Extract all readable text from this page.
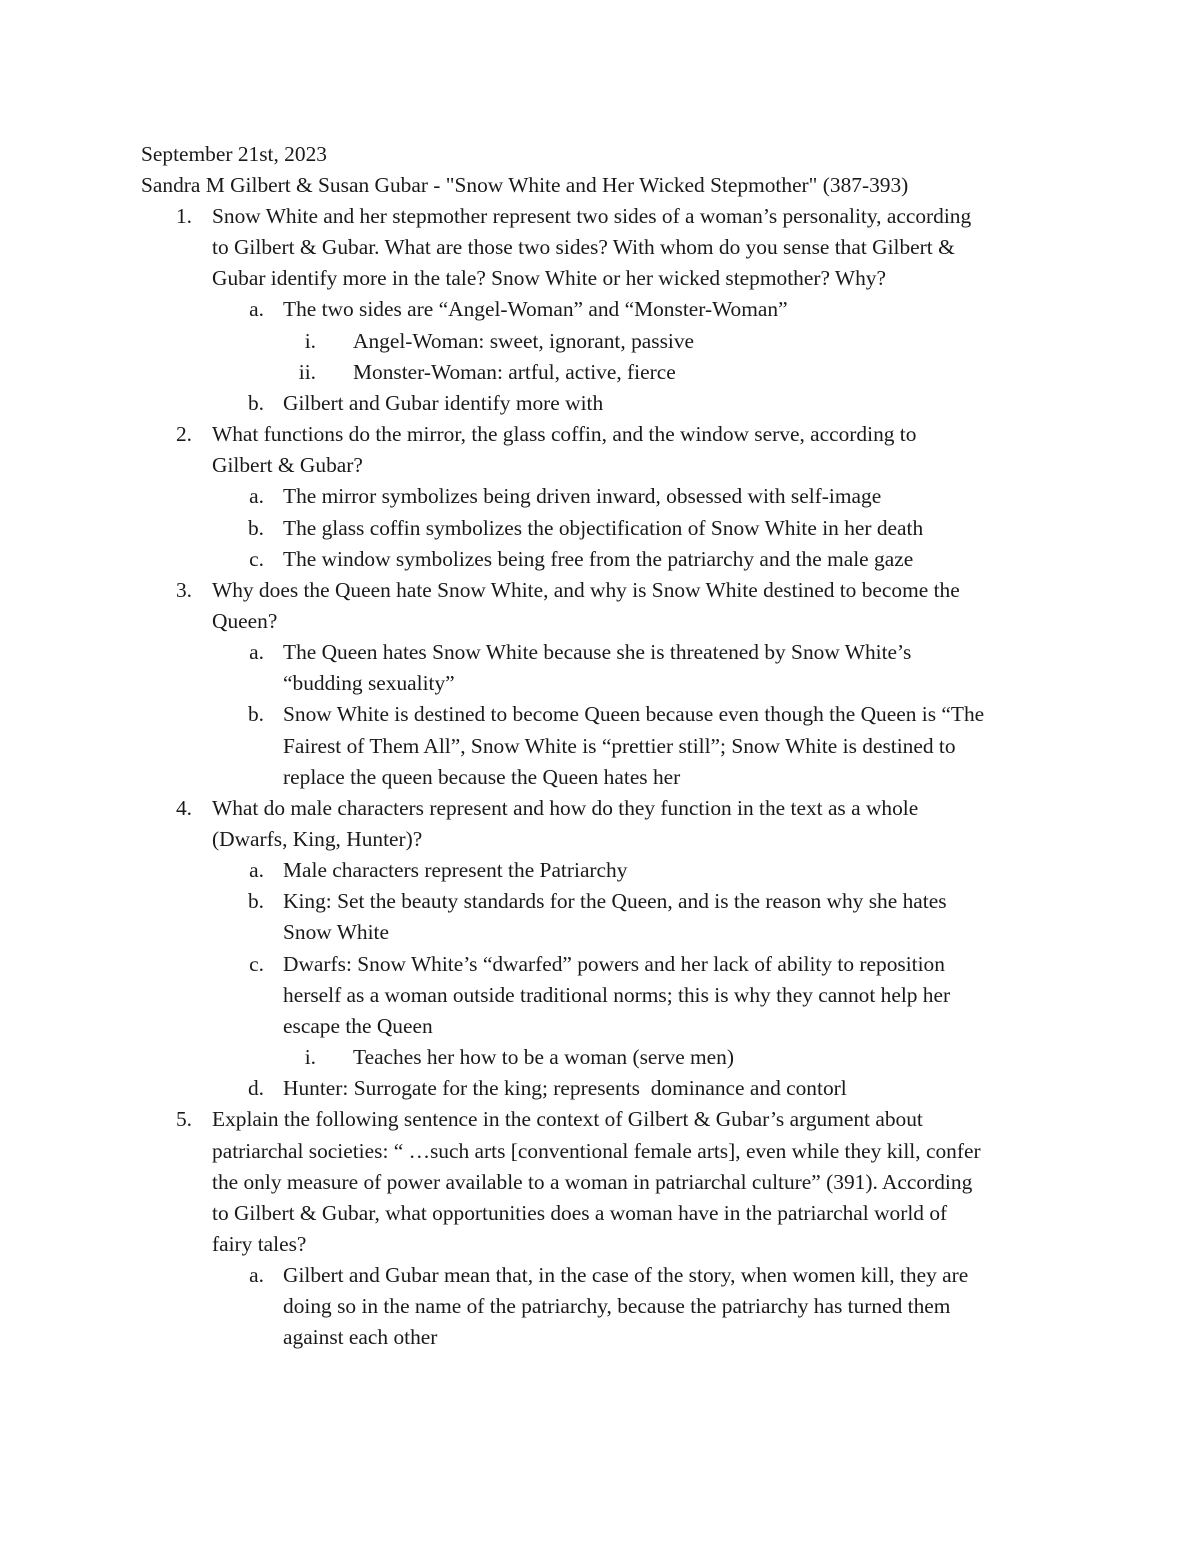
September 21st, 2023
Sandra M Gilbert & Susan Gubar - "Snow White and Her Wicked Stepmother" (387-393)
1. Snow White and her stepmother represent two sides of a woman’s personality, according
to Gilbert & Gubar. What are those two sides? With whom do you sense that Gilbert &
Gubar identify more in the tale? Snow White or her wicked stepmother? Why?
a. The two sides are “Angel-Woman” and “Monster-Woman”
i. Angel-Woman: sweet, ignorant, passive
ii. Monster-Woman: artful, active, fierce
b. Gilbert and Gubar identify more with
2. What functions do the mirror, the glass coffin, and the window serve, according to
Gilbert & Gubar?
a. The mirror symbolizes being driven inward, obsessed with self-image
b. The glass coffin symbolizes the objectification of Snow White in her death
c. The window symbolizes being free from the patriarchy and the male gaze
3. Why does the Queen hate Snow White, and why is Snow White destined to become the
Queen?
a. The Queen hates Snow White because she is threatened by Snow White’s
“budding sexuality”
b. Snow White is destined to become Queen because even though the Queen is “The
Fairest of Them All”, Snow White is “prettier still”; Snow White is destined to
replace the queen because the Queen hates her
4. What do male characters represent and how do they function in the text as a whole
(Dwarfs, King, Hunter)?
a. Male characters represent the Patriarchy
b. King: Set the beauty standards for the Queen, and is the reason why she hates
Snow White
c. Dwarfs: Snow White’s “dwarfed” powers and her lack of ability to reposition
herself as a woman outside traditional norms; this is why they cannot help her
escape the Queen
i. Teaches her how to be a woman (serve men)
d. Hunter: Surrogate for the king; represents  dominance and contorl
5. Explain the following sentence in the context of Gilbert & Gubar’s argument about
patriarchal societies: “ …such arts [conventional female arts], even while they kill, confer
the only measure of power available to a woman in patriarchal culture” (391). According
to Gilbert & Gubar, what opportunities does a woman have in the patriarchal world of
fairy tales?
a. Gilbert and Gubar mean that, in the case of the story, when women kill, they are
doing so in the name of the patriarchy, because the patriarchy has turned them
against each other
